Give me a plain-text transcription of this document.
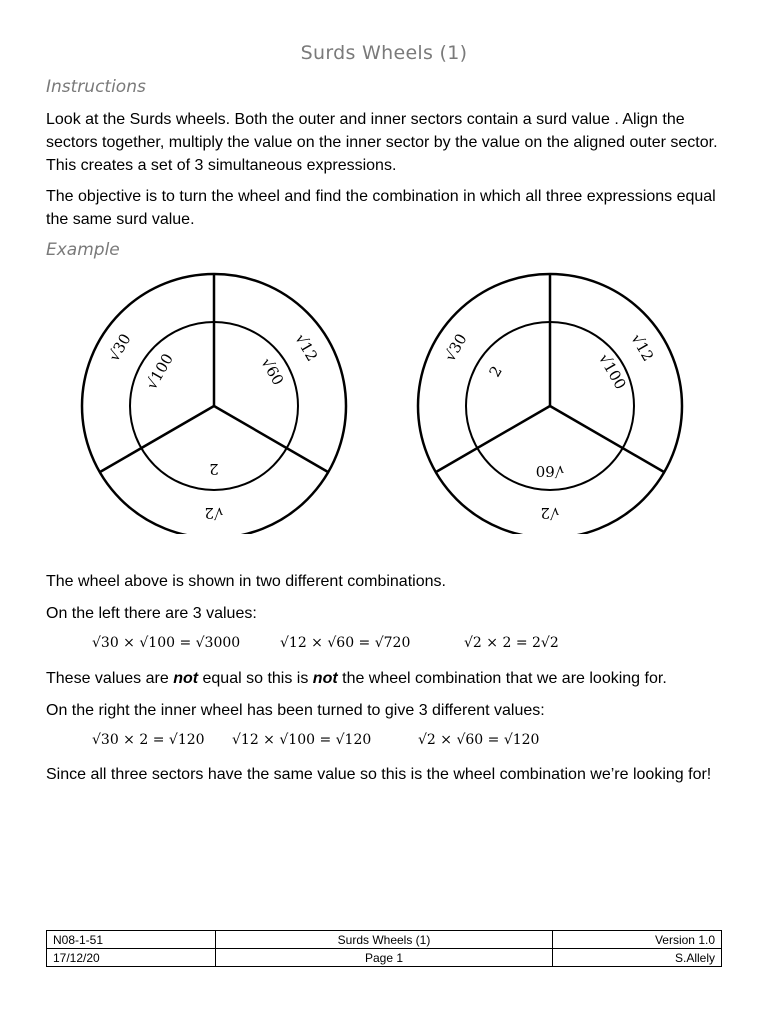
Surds Wheels (1)
Instructions
Look at the Surds wheels. Both the outer and inner sectors contain a surd value . Align the sectors together, multiply the value on the inner sector by the value on the aligned outer sector. This creates a set of 3 simultaneous expressions.
The objective is to turn the wheel and find the combination in which all three expressions equal the same surd value.
Example
√30	√12
√2
√100	√60
2
√30	√12
√2
2	√100
√60
The wheel above is shown in two different combinations.
On the left there are 3 values:
√30 × √100 = √3000	√12 × √60 = √720	√2 × 2 = 2√2
These values are not equal so this is not the wheel combination that we are looking for.
On the right the inner wheel has been turned to give 3 different values:
√30 × 2 = √120 √12 × √100 = √120	√2 × √60 = √120
Since all three sectors have the same value so this is the wheel combination we’re looking for!
N08-1-51	Surds Wheels (1)	Version 1.0
17/12/20	Page 1	S.Allely
